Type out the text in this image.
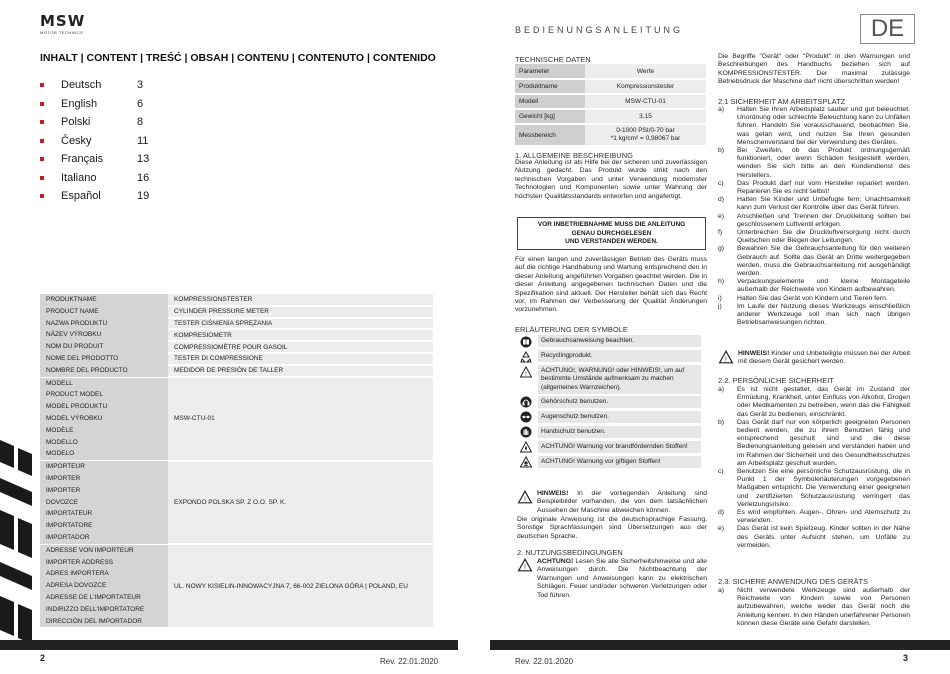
MSW
MOTOR TECHNICS	BEDIENUNGSANLEITUNG	DE
INHALT | CONTENT | TREŚĆ | OBSAH | CONTENU | CONTENUTO | CONTENIDO
Deutsch	3
English	6
Polski	8
Česky	11
Français	13
Italiano	16
Español	19
PRODUKTNAME	KOMPRESSIONSTESTER
PRODUCT NAME	CYLINDER PRESSURE METER
NAZWA PRODUKTU	TESTER CIŚNIENIA SPRĘŻANIA
NÁZEV VÝROBKU	KOMPRESIOMETR
NOM DU PRODUIT	COMPRESSIOMÈTRE POUR GASOIL
NOME DEL PRODOTTO	TESTER DI COMPRESSIONE
NOMBRE DEL PRODUCTO	MEDIDOR DE PRESIÓN DE TALLER
MODELL	MSW-CTU-01
PRODUCT MODEL	
MODEL PRODUKTU	
MODEL VÝROBKU	
MODÈLE	
MODELLO	
MODELO	
IMPORTEUR	EXPONDO POLSKA SP. Z O.O. SP. K.
IMPORTER	
IMPORTER	
DOVOZCE	
IMPORTATEUR	
IMPORTATORE	
IMPORTADOR	
ADRESSE VON IMPORTEUR	UL. NOWY KISIELIN-INNOWACYJNA 7, 66-002 ZIELONA GÓRA | POLAND, EU
IMPORTER ADDRESS	
ADRES IMPORTERA	
ADRESA DOVOZCE	
ADRESSE DE L'IMPORTATEUR	
INDIRIZZO DELL'IMPORTATORE	
DIRECCIÓN DEL IMPORTADOR	
TECHNISCHE DATEN
Parameter	Werte
Produktname	Kompressionstester
Modell	MSW-CTU-01
Gewicht [kg]	3,15
Messbereich	0-1000 PSI/0-70 bar
*1 kg/cm² = 0,98067 bar
1. ALLGEMEINE BESCHREIBUNG

Diese Anleitung ist als Hilfe bei der sicheren und zuverlässigen Nutzung gedacht. Das Produkt wurde strikt nach den technischen Vorgaben und unter Verwendung modernster Technologien und Komponenten sowie unter Wahrung der höchsten Qualitätsstandards entworfen und angefertigt.

VOR INBETRIEBNAHME MUSS DIE ANLEITUNG
GENAU DURCHGELESEN
UND VERSTANDEN WERDEN.

Für einen langen und zuverlässigen Betrieb des Geräts muss auf die richtige Handhabung und Wartung entsprechend den in dieser Anleitung angeführten Vorgaben geachtet werden. Die in dieser Anleitung angegebenen technischen Daten und die Spezifikation sind aktuell. Der Hersteller behält sich das Recht vor, im Rahmen der Verbesserung der Qualität Änderungen vorzunehmen.

ERLÄUTERUNG DER SYMBOLE
Gebrauchsanweisung beachten.
Recyclingprodukt.
!
ACHTUNG!, WARNUNG! oder HINWEIS!, um auf bestimmte Umstände aufmerksam zu machen (allgemeines Warnzeichen).
Gehörschutz benutzen.
Augenschutz benutzen.
Handschutz benutzen.
ACHTUNG! Warnung vor brandfördernden Stoffen!
ACHTUNG! Warnung vor giftigen Stoffen!
!

HINWEIS! In der vorliegenden Anleitung sind Beispielbilder vorhanden, die von dem tatsächlichen Aussehen der Maschine abweichen können.

Die originale Anweisung ist die deutschsprachige Fassung. Sonstige Sprachfassungen sind Übersetzungen aus der deutschen Sprache.

2. NUTZUNGSBEDINGUNGEN
!

ACHTUNG! Lesen Sie alle Sicherheitshinweise und alle Anweisungen durch. Die Nichtbeachtung der Warnungen und Anweisungen kann zu elektrischen Schlägen, Feuer und/oder schweren Verletzungen oder Tod führen.

Die Begriffe "Gerät" oder "Produkt" in den Warnungen und Beschreibungen des Handbuchs beziehen sich auf KOMPRESSIONSTESTER. Der maximal zulässige Betriebsdruck der Maschine darf nicht überschritten werden!

2.1 SICHERHEIT AM ARBEITSPLATZ
a)	Halten Sie Ihren Arbeitsplatz sauber und gut beleuchtet. Unordnung oder schlechte Beleuchtung kann zu Unfällen führen. Handeln Sie vorausschauend, beobachten Sie, was getan wird, und nutzen Sie Ihren gesunden Menschenverstand bei der Verwendung des Gerätes.
b)	Bei Zweifeln, ob das Produkt ordnungsgemäß funktioniert, oder wenn Schäden festgestellt werden, wenden Sie sich bitte an den Kundendienst des Herstellers.
c)	Das Produkt darf nur vom Hersteller repariert werden. Reparieren Sie es nicht selbst!
d)	Halten Sie Kinder und Unbefugte fern; Unachtsamkeit kann zum Verlust der Kontrolle über das Gerät führen.
e)	Anschließen und Trennen der Druckleitung sollten bei geschlossenem Luftventil erfolgen.
f)	Unterbrechen Sie die Druckluftversorgung nicht durch Quetschen oder Biegen der Leitungen.
g)	Bewahren Sie die Gebrauchsanleitung für den weiteren Gebrauch auf. Sollte das Gerät an Dritte weitergegeben werden, muss die Gebrauchsanleitung mit ausgehändigt werden.
h)	Verpackungselemente und kleine Montageteile außerhalb der Reichweite von Kindern aufbewahren.
i)	Halten Sie das Gerät von Kindern und Tieren fern.
j)	Im Laufe der Nutzung dieses Werkzeugs einschließlich anderer Werkzeuge soll man sich nach übrigen Betriebsanweisungen richten.
!

HINWEIS! Kinder und Unbeteiligte müssen bei der Arbeit mit diesem Gerät gesichert werden.

2.2. PERSÖNLICHE SICHERHEIT
a)	Es ist nicht gestattet, das Gerät im Zustand der Ermüdung, Krankheit, unter Einfluss von Alkohol, Drogen oder Medikamenten zu betreiben, wenn das die Fähigkeit das Gerät zu bedienen, einschränkt.
b)	Das Gerät darf nur von körperlich geeigneten Personen bedient werden, die zu ihrem Benutzen fähig und entsprechend geschult sind und die diese Bedienungsanleitung gelesen und verstanden haben und im Rahmen der Sicherheit und des Gesundheitsschutzes am Arbeitsplatz geschult wurden.
c)	Benutzen Sie eine persönliche Schutzausrüstung, die in Punkt 1 der Symbolerläuterungen vorgegebenen Maßgaben entspricht. Die Verwendung einer geeigneten und zertifizierten Schutzausrüstung verringert das Verletzungsrisiko.
d)	Es wird empfohlen, Augen-, Ohren- und Atemschutz zu verwenden.
e)	Das Gerät ist kein Spielzeug. Kinder sollten in der Nähe des Geräts unter Aufsicht stehen, um Unfälle zu vermeiden.
2.3. SICHERE ANWENDUNG DES GERÄTS
a)	Nicht verwendete Werkzeuge sind außerhalb der Reichweite von Kindern sowie von Personen aufzubewahren, welche weder das Gerät noch die Anleitung kennen. In den Händen unerfahrener Personen können diese Geräte eine Gefahr darstellen.
2	Rev. 22.01.2020	Rev. 22.01.2020	3
